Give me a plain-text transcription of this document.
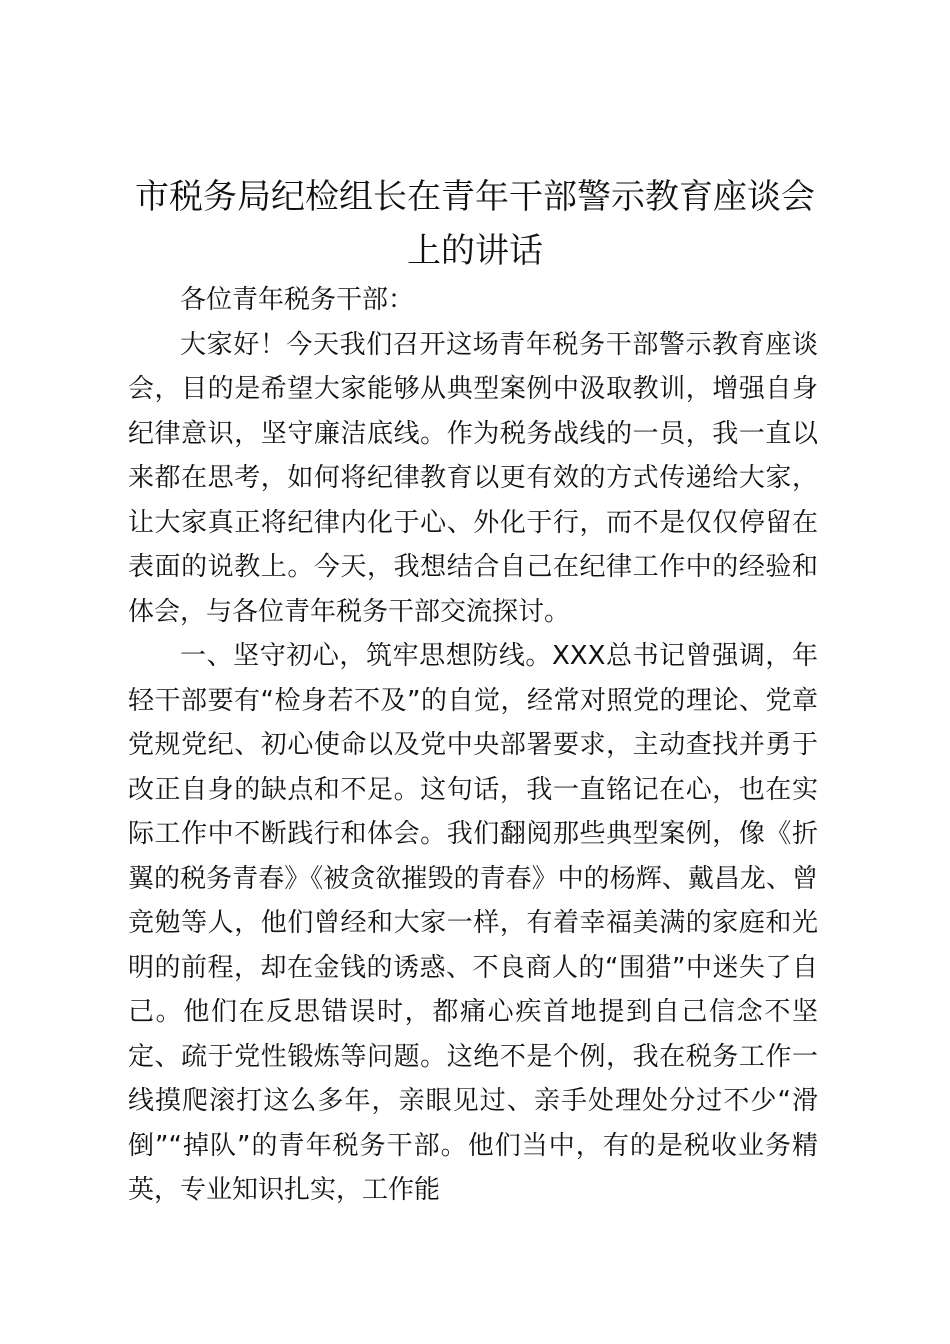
市税务局纪检组长在青年干部警示教育座谈会上的讲话

各位青年税务干部：

大家好！今天我们召开这场青年税务干部警示教育座谈会，目的是希望大家能够从典型案例中汲取教训，增强自身纪律意识，坚守廉洁底线。作为税务战线的一员，我一直以来都在思考，如何将纪律教育以更有效的方式传递给大家，让大家真正将纪律内化于心、外化于行，而不是仅仅停留在表面的说教上。今天，我想结合自己在纪律工作中的经验和体会，与各位青年税务干部交流探讨。

一、坚守初心，筑牢思想防线。XXX总书记曾强调，年轻干部要有“检身若不及”的自觉，经常对照党的理论、党章党规党纪、初心使命以及党中央部署要求，主动查找并勇于改正自身的缺点和不足。这句话，我一直铭记在心，也在实际工作中不断践行和体会。我们翻阅那些典型案例，像《折翼的税务青春》《被贪欲摧毁的青春》中的杨辉、戴昌龙、曾竞勉等人，他们曾经和大家一样，有着幸福美满的家庭和光明的前程，却在金钱的诱惑、不良商人的“围猎”中迷失了自己。他们在反思错误时，都痛心疾首地提到自己信念不坚定、疏于党性锻炼等问题。这绝不是个例，我在税务工作一线摸爬滚打这么多年，亲眼见过、亲手处理处分过不少“滑倒”“掉队”的青年税务干部。他们当中，有的是税收业务精英，专业知识扎实，工作能
